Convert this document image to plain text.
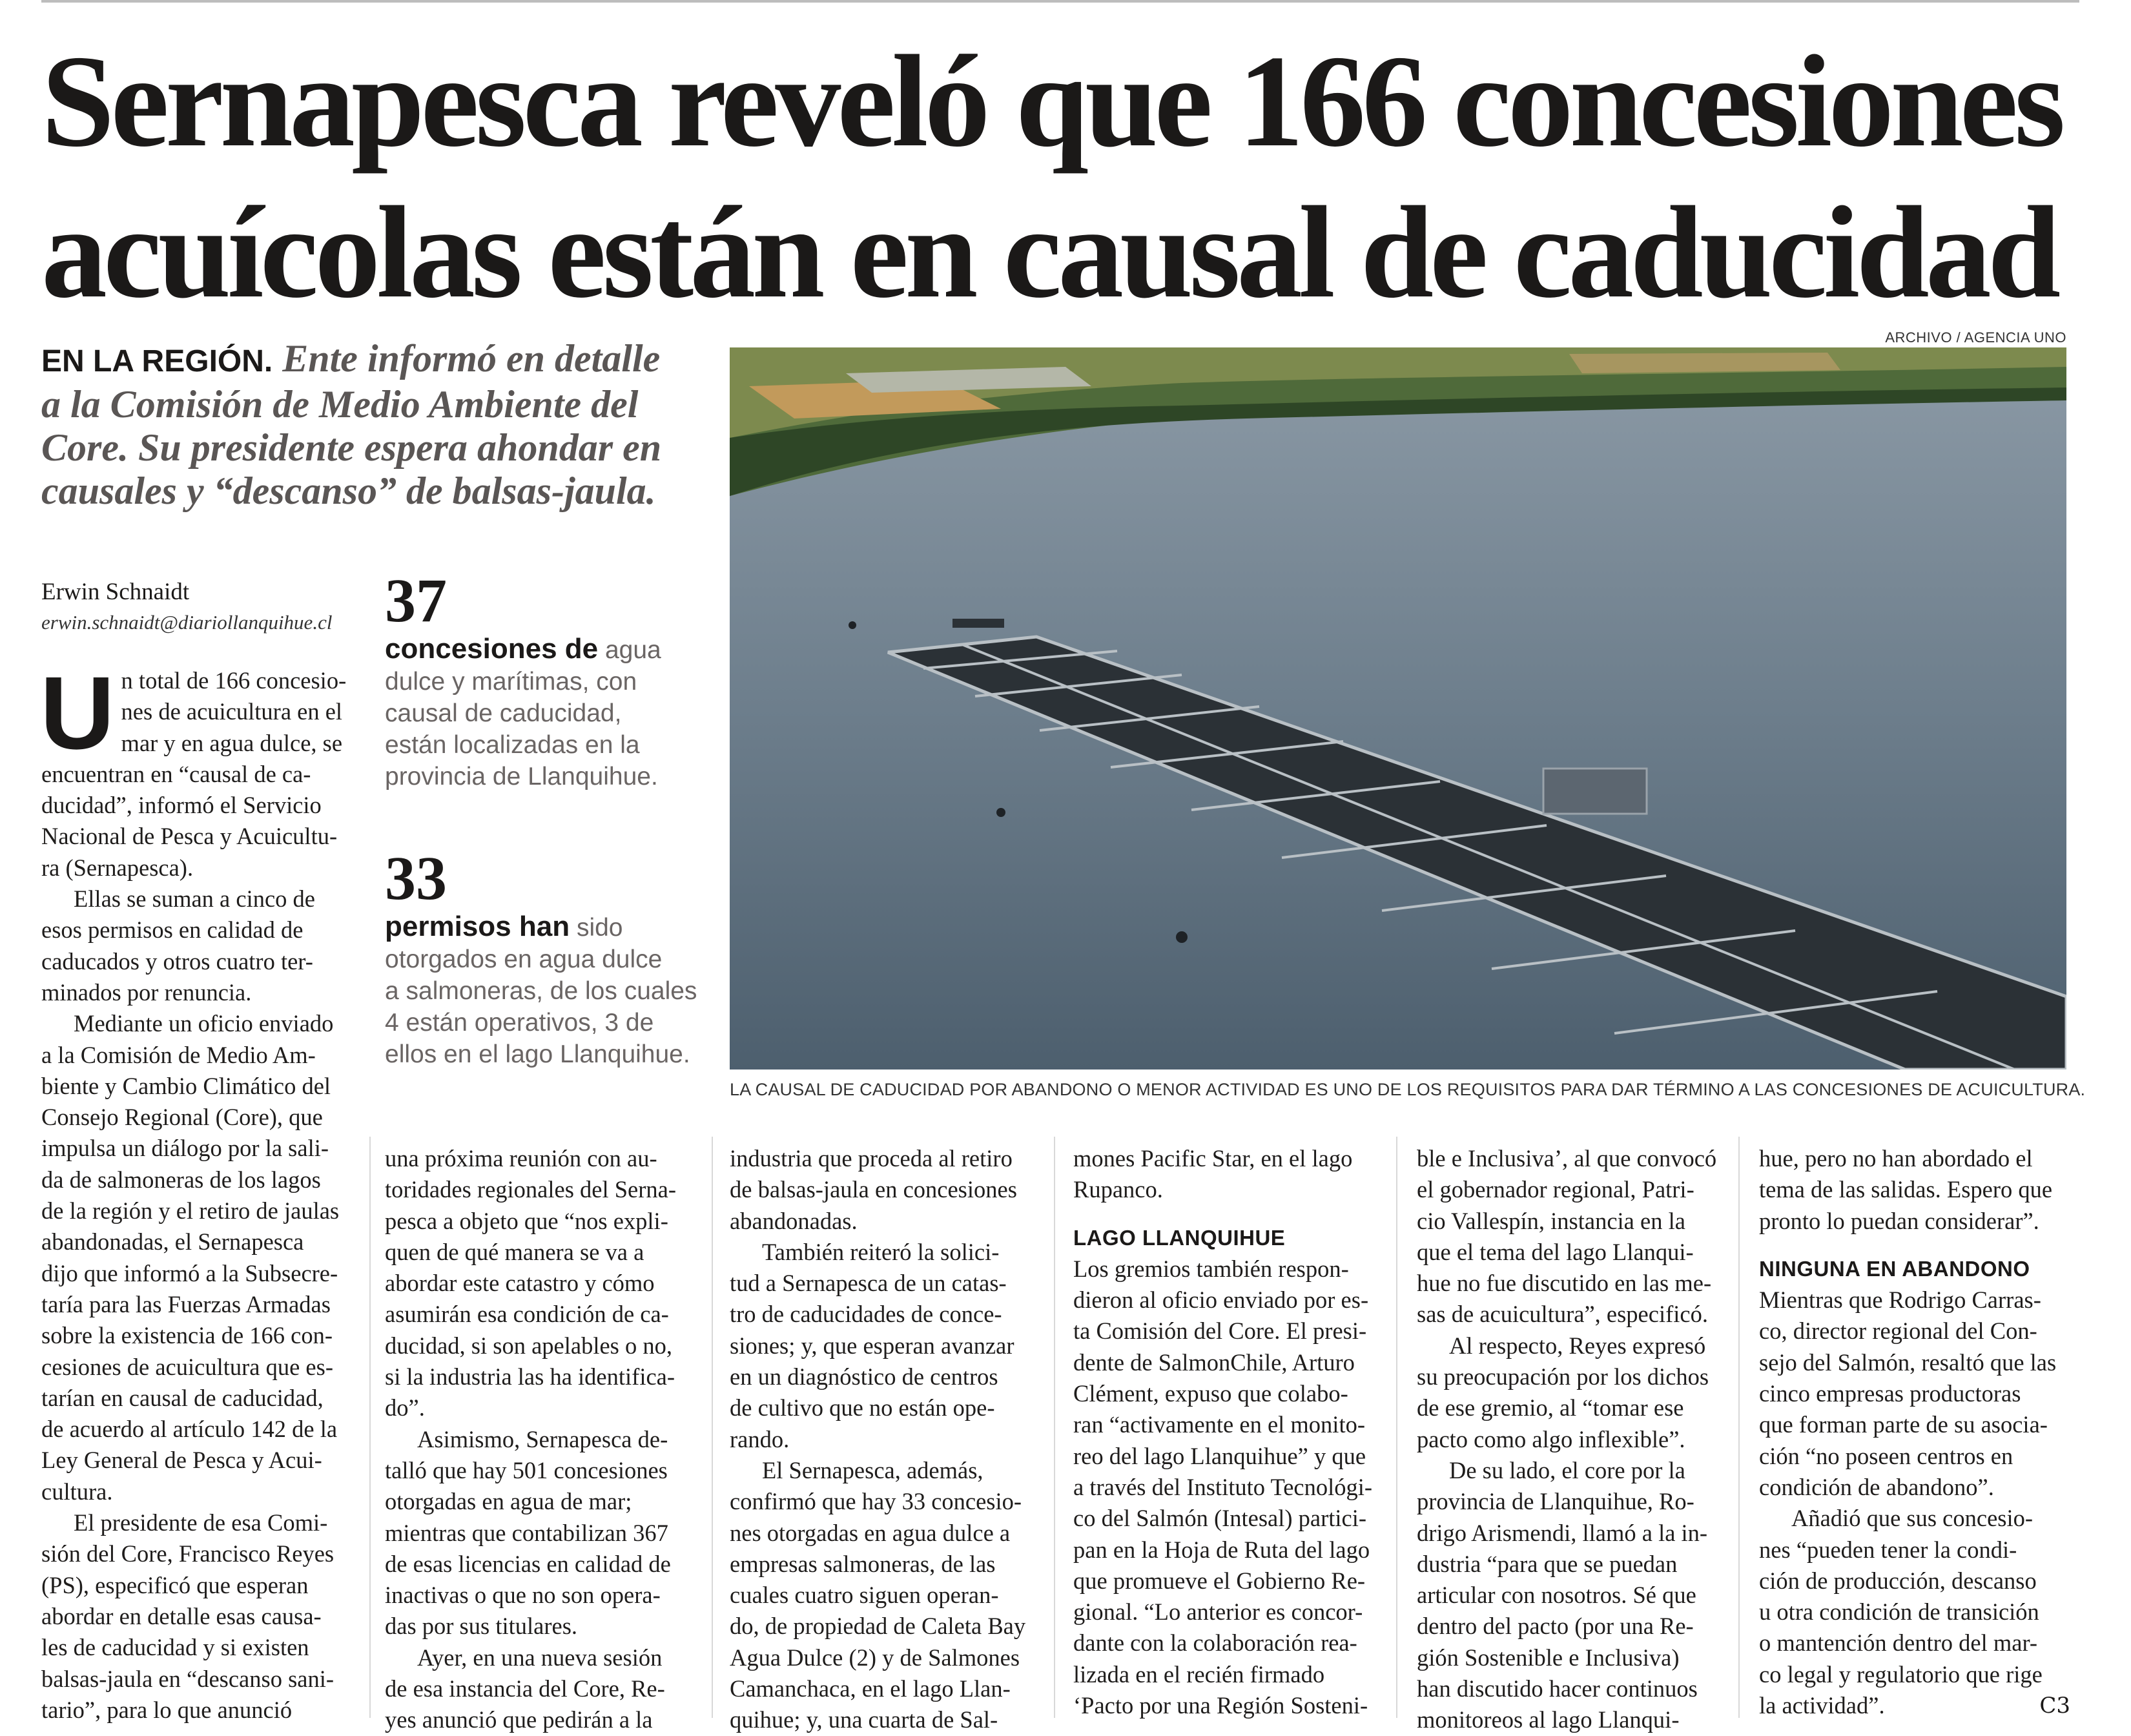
Sernapesca reveló que 166 concesiones
acuícolas están en causal de caducidad
EN LA REGIÓN. Ente informó en detalle
a la Comisión de Medio Ambiente del
Core. Su presidente espera ahondar en
causales y “descanso” de balsas-jaula.
Erwin Schnaidt
erwin.schnaidt@diariollanquihue.cl 37
concesiones de agua
dulce y marítimas, con
causal de caducidad,
están localizadas en la
provincia de Llanquihue.
33
permisos han sido
otorgados en agua dulce
a salmoneras, de los cuales
4 están operativos, 3 de
ellos en el lago Llanquihue.
ARCHIVO / AGENCIA UNO
LA CAUSAL DE CADUCIDAD POR ABANDONO O MENOR ACTIVIDAD ES UNO DE LOS REQUISITOS PARA DAR TÉRMINO A LAS CONCESIONES DE ACUICULTURA.
U n total de 166 concesio-
nes de acuicultura en el
mar y en agua dulce, se
encuentran en “causal de ca-
ducidad”, informó el Servicio
Nacional de Pesca y Acuicultu-
ra (Sernapesca).
Ellas se suman a cinco de
esos permisos en calidad de
caducados y otros cuatro ter-
minados por renuncia.
Mediante un oficio enviado
a la Comisión de Medio Am-
biente y Cambio Climático del
Consejo Regional (Core), que
impulsa un diálogo por la sali-
da de salmoneras de los lagos
de la región y el retiro de jaulas
abandonadas, el Sernapesca
dijo que informó a la Subsecre-
taría para las Fuerzas Armadas
sobre la existencia de 166 con-
cesiones de acuicultura que es-
tarían en causal de caducidad,
de acuerdo al artículo 142 de la
Ley General de Pesca y Acui-
cultura.
El presidente de esa Comi-
sión del Core, Francisco Reyes
(PS), especificó que esperan
abordar en detalle esas causa-
les de caducidad y si existen
balsas-jaula en “descanso sani-
tario”, para lo que anunció
una próxima reunión con au-
toridades regionales del Serna-
pesca a objeto que “nos expli-
quen de qué manera se va a
abordar este catastro y cómo
asumirán esa condición de ca-
ducidad, si son apelables o no,
si la industria las ha identifica-
do”.
Asimismo, Sernapesca de-
talló que hay 501 concesiones
otorgadas en agua de mar;
mientras que contabilizan 367
de esas licencias en calidad de
inactivas o que no son opera-
das por sus titulares.
Ayer, en una nueva sesión
de esa instancia del Core, Re-
yes anunció que pedirán a la
industria que proceda al retiro
de balsas-jaula en concesiones
abandonadas.
También reiteró la solici-
tud a Sernapesca de un catas-
tro de caducidades de conce-
siones; y, que esperan avanzar
en un diagnóstico de centros
de cultivo que no están ope-
rando.
El Sernapesca, además,
confirmó que hay 33 concesio-
nes otorgadas en agua dulce a
empresas salmoneras, de las
cuales cuatro siguen operan-
do, de propiedad de Caleta Bay
Agua Dulce (2) y de Salmones
Camanchaca, en el lago Llan-
quihue; y, una cuarta de Sal-
mones Pacific Star, en el lago
Rupanco.
LAGO LLANQUIHUE
Los gremios también respon-
dieron al oficio enviado por es-
ta Comisión del Core. El presi-
dente de SalmonChile, Arturo
Clément, expuso que colabo-
ran “activamente en el monito-
reo del lago Llanquihue” y que
a través del Instituto Tecnológi-
co del Salmón (Intesal) partici-
pan en la Hoja de Ruta del lago
que promueve el Gobierno Re-
gional. “Lo anterior es concor-
dante con la colaboración rea-
lizada en el recién firmado
‘Pacto por una Región Sosteni-
ble e Inclusiva’, al que convocó
el gobernador regional, Patri-
cio Vallespín, instancia en la
que el tema del lago Llanqui-
hue no fue discutido en las me-
sas de acuicultura”, especificó.
Al respecto, Reyes expresó
su preocupación por los dichos
de ese gremio, al “tomar ese
pacto como algo inflexible”.
De su lado, el core por la
provincia de Llanquihue, Ro-
drigo Arismendi, llamó a la in-
dustria “para que se puedan
articular con nosotros. Sé que
dentro del pacto (por una Re-
gión Sostenible e Inclusiva)
han discutido hacer continuos
monitoreos al lago Llanqui-
hue, pero no han abordado el
tema de las salidas. Espero que
pronto lo puedan considerar”.
NINGUNA EN ABANDONO
Mientras que Rodrigo Carras-
co, director regional del Con-
sejo del Salmón, resaltó que las
cinco empresas productoras
que forman parte de su asocia-
ción “no poseen centros en
condición de abandono”.
Añadió que sus concesio-
nes “pueden tener la condi-
ción de producción, descanso
u otra condición de transición
o mantención dentro del mar-
co legal y regulatorio que rige
la actividad”.	C3
